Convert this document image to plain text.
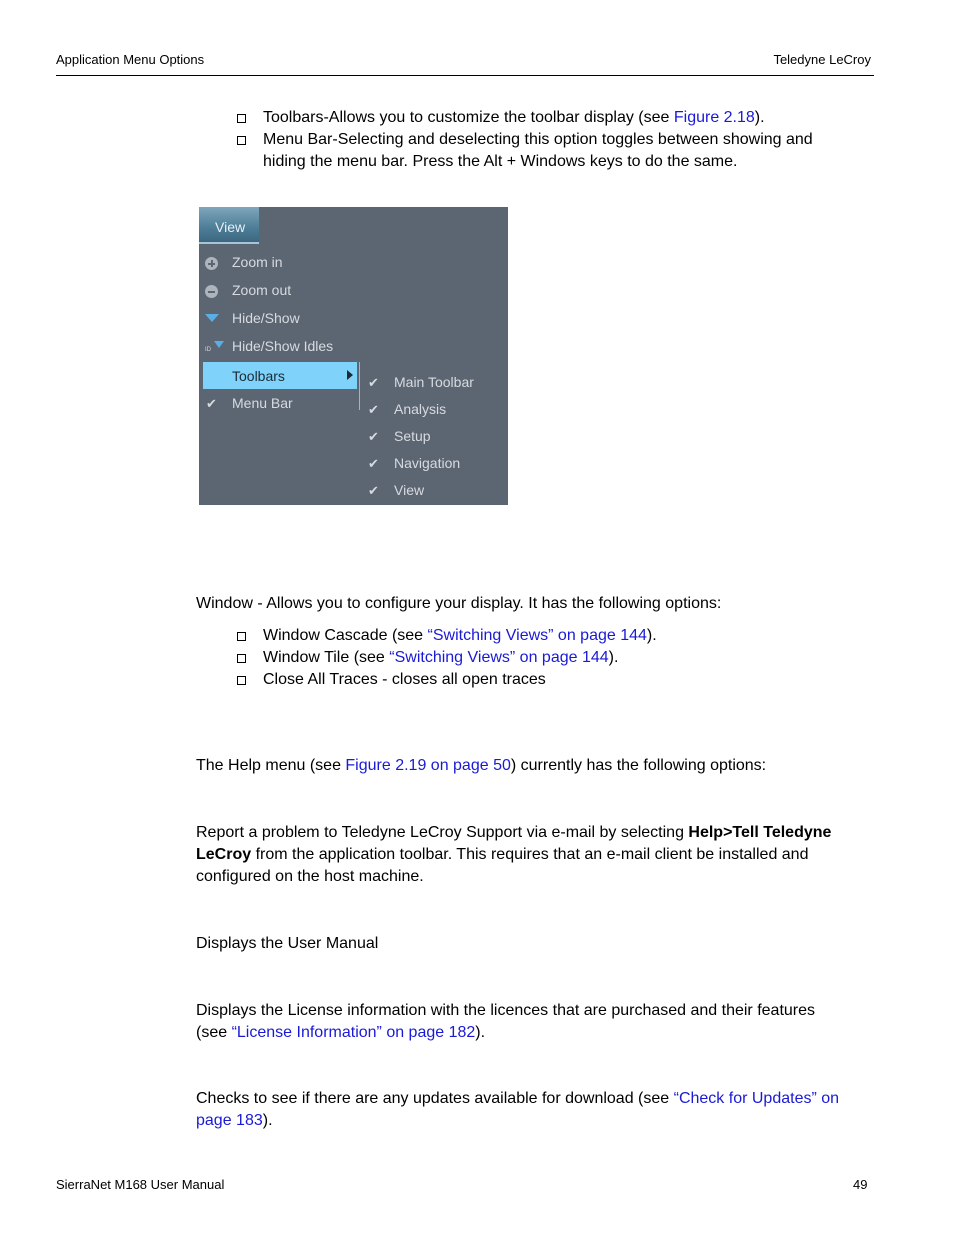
Application Menu Options	Teledyne LeCroy
Toolbars-Allows you to customize the toolbar display (see Figure 2.18).
Menu Bar-Selecting and deselecting this option toggles between showing and
hiding the menu bar. Press the Alt + Windows keys to do the same.
View
Zoom in
Zoom out
Hide/Show
ID Hide/Show Idles
Toolbars
✔ Menu Bar
✔ Main Toolbar
✔ Analysis
✔ Setup
✔ Navigation
✔ View
Window - Allows you to configure your display. It has the following options:
Window Cascade (see “Switching Views” on page 144).
Window Tile (see “Switching Views” on page 144).
Close All Traces - closes all open traces
The Help menu (see Figure 2.19 on page 50) currently has the following options:
Report a problem to Teledyne LeCroy Support via e-mail by selecting Help>Tell Teledyne
LeCroy from the application toolbar. This requires that an e-mail client be installed and
configured on the host machine.
Displays the User Manual
Displays the License information with the licences that are purchased and their features
(see “License Information” on page 182).
Checks to see if there are any updates available for download (see “Check for Updates” on
page 183).
SierraNet M168 User Manual	49
